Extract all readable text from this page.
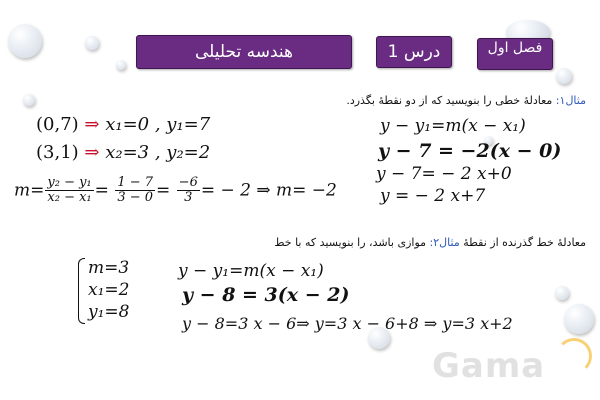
هندسه تحلیلی	درس 1	فصل اول
مثال۱: معادلهٔ خطی را بنویسید که از دو نقطهٔ بگذرد.
(0,7) ⇒ x₁=0 , y₁=7
(3,1) ⇒ x₂=3 , y₂=2
$m= \frac{\text{y₂ − y₁}}{\text{x₂ − x₁}} = \frac{1 - 7}{3 - 0} = \frac{-6}{3}$ = − 2 ⇒ m= −2
y − y₁=m(x − x₁)
y − 7 = −2(x − 0)
y − 7= − 2 x+0
y = − 2 x+7
معادلهٔ خط گذرنده از نقطهٔ مثال۲: موازی باشد، را بنویسید که با خط
m=3
x₁=2
y₁=8
y − y₁=m(x − x₁)
y − 8 = 3(x − 2)
y − 8=3 x − 6⇒ y=3 x − 6+8 ⇒ y=3 x+2
Gama
